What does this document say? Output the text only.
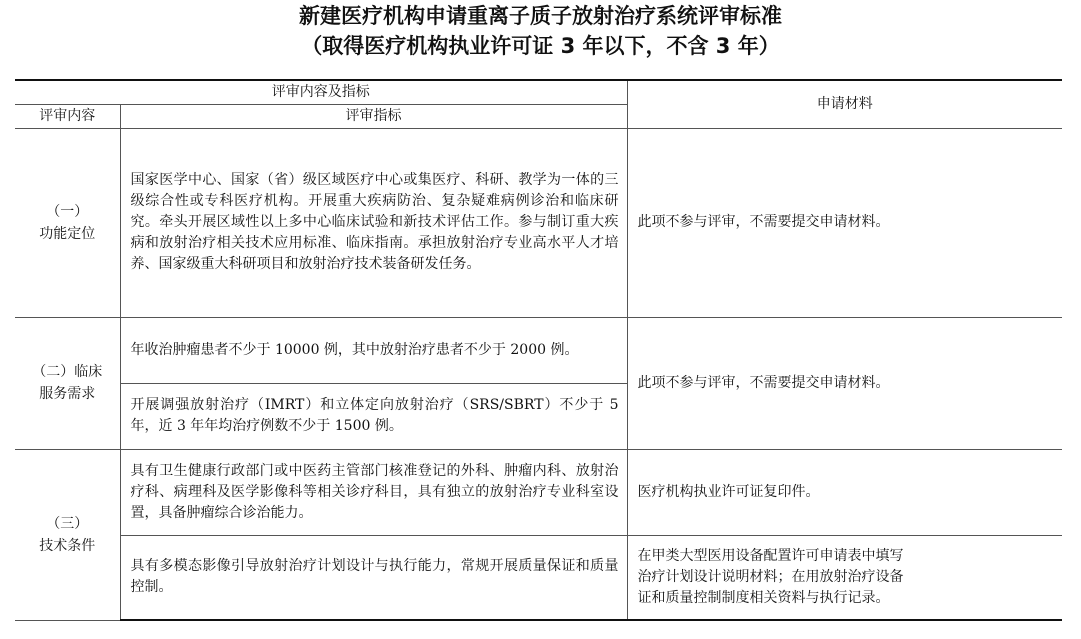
新建医疗机构申请重离子质子放射治疗系统评审标准
（取得医疗机构执业许可证 3 年以下，不含 3 年）
评审内容及指标		申请材料
评审内容	评审指标	

（一）
功能定位	国家医学中心、国家（省）级区域医疗中心或集医疗、科研、教学为一体的三级综合性或专科医疗机构。开展重大疾病防治、复杂疑难病例诊治和临床研究。牵头开展区域性以上多中心临床试验和新技术评估工作。参与制订重大疾病和放射治疗相关技术应用标准、临床指南。承担放射治疗专业高水平人才培养、国家级重大科研项目和放射治疗技术装备研发任务。	此项不参与评审，不需要提交申请材料。

（二）临床
服务需求	年收治肿瘤患者不少于 10000 例，其中放射治疗患者不少于 2000 例。	此项不参与评审，不需要提交申请材料。
	开展调强放射治疗（IMRT）和立体定向放射治疗（SRS/SBRT）不少于 5 年，近 3 年年均治疗例数不少于 1500 例。	

（三）
技术条件	具有卫生健康行政部门或中医药主管部门核准登记的外科、肿瘤内科、放射治疗科、病理科及医学影像科等相关诊疗科目，具有独立的放射治疗专业科室设置，具备肿瘤综合诊治能力。	医疗机构执业许可证复印件。
	具有多模态影像引导放射治疗计划设计与执行能力，常规开展质量保证和质量控制。	在甲类大型医用设备配置许可申请表中填写
治疗计划设计说明材料；在用放射治疗设备
证和质量控制制度相关资料与执行记录。
